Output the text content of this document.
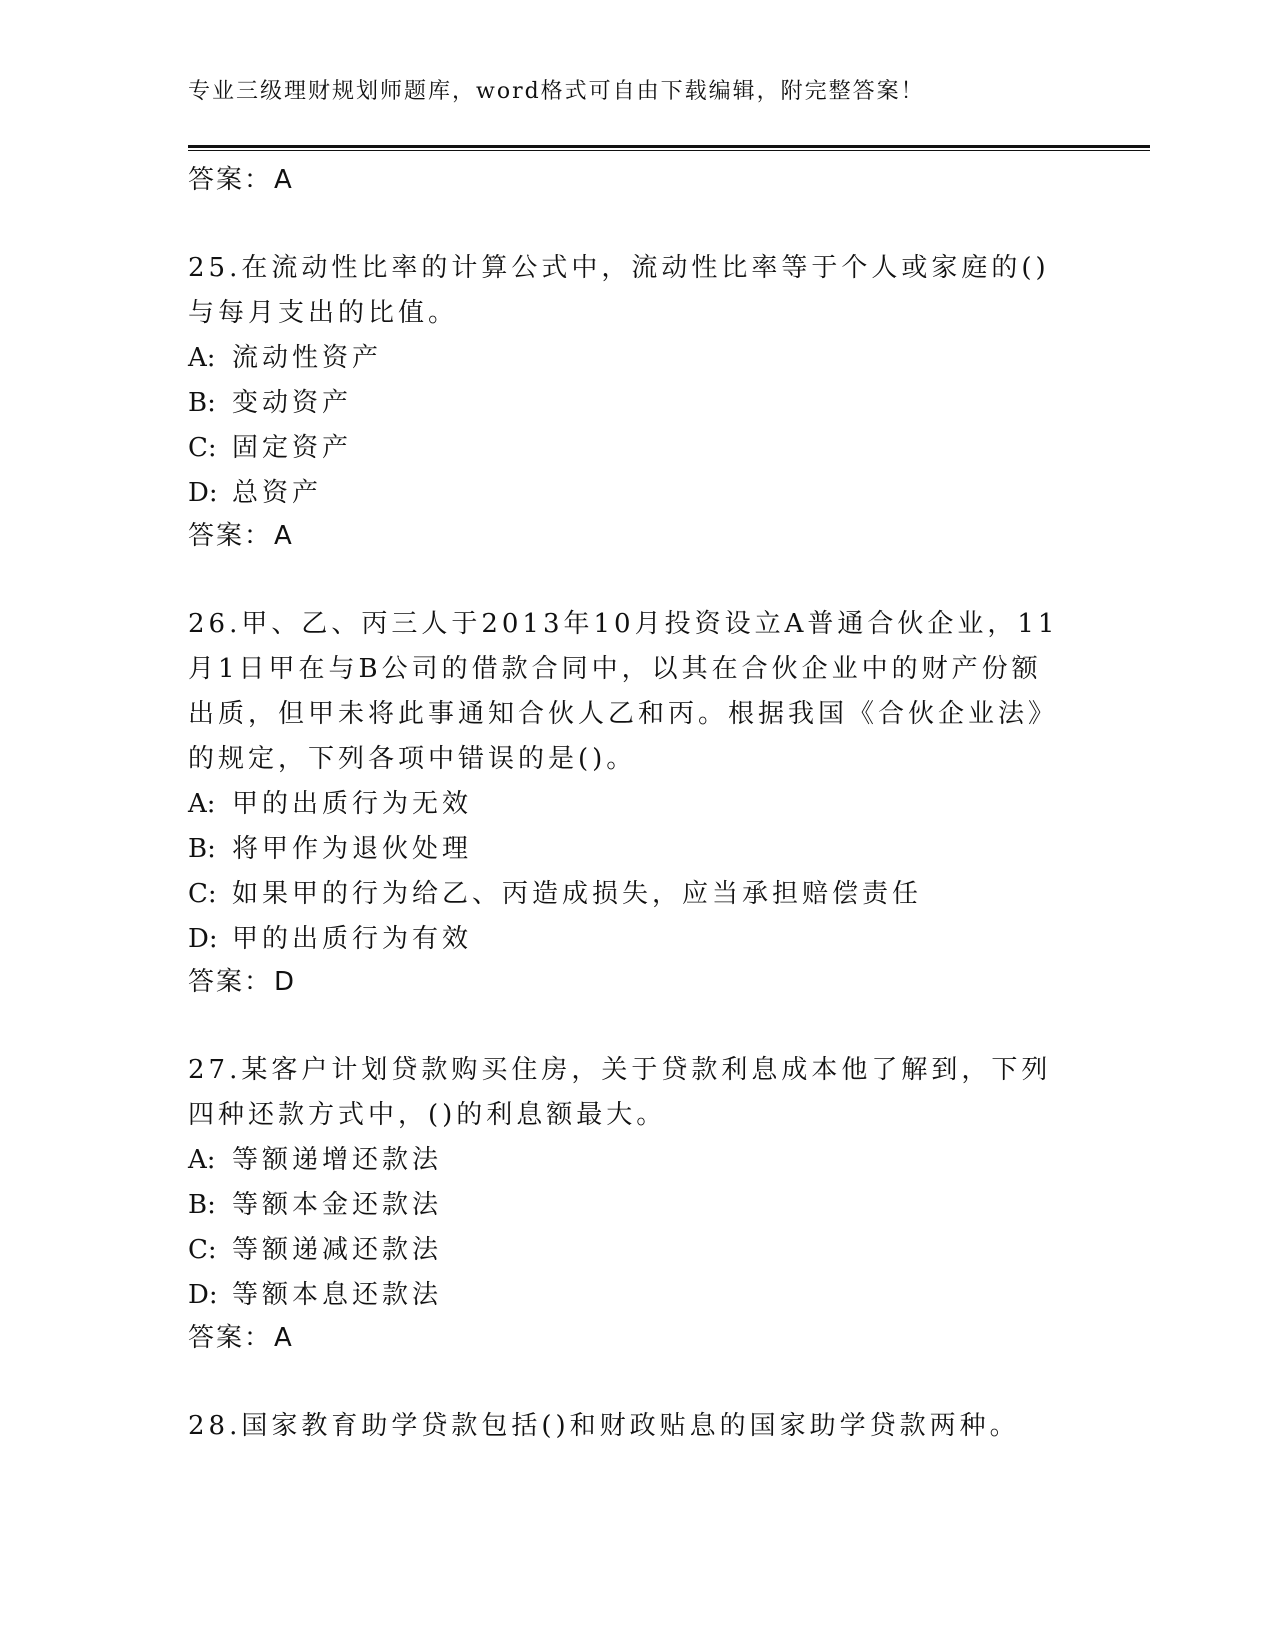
专业三级理财规划师题库，word格式可自由下载编辑，附完整答案！
答案：A
25.在流动性比率的计算公式中，流动性比率等于个人或家庭的()与每月支出的比值。
A: 流动性资产
B: 变动资产
C: 固定资产
D: 总资产
答案：A
26.甲、乙、丙三人于2013年10月投资设立A普通合伙企业，11月1日甲在与B公司的借款合同中，以其在合伙企业中的财产份额出质，但甲未将此事通知合伙人乙和丙。根据我国《合伙企业法》的规定，下列各项中错误的是()。
A: 甲的出质行为无效
B: 将甲作为退伙处理
C: 如果甲的行为给乙、丙造成损失，应当承担赔偿责任
D: 甲的出质行为有效
答案：D
27.某客户计划贷款购买住房，关于贷款利息成本他了解到，下列四种还款方式中，()的利息额最大。
A: 等额递增还款法
B: 等额本金还款法
C: 等额递减还款法
D: 等额本息还款法
答案：A
28.国家教育助学贷款包括()和财政贴息的国家助学贷款两种。
